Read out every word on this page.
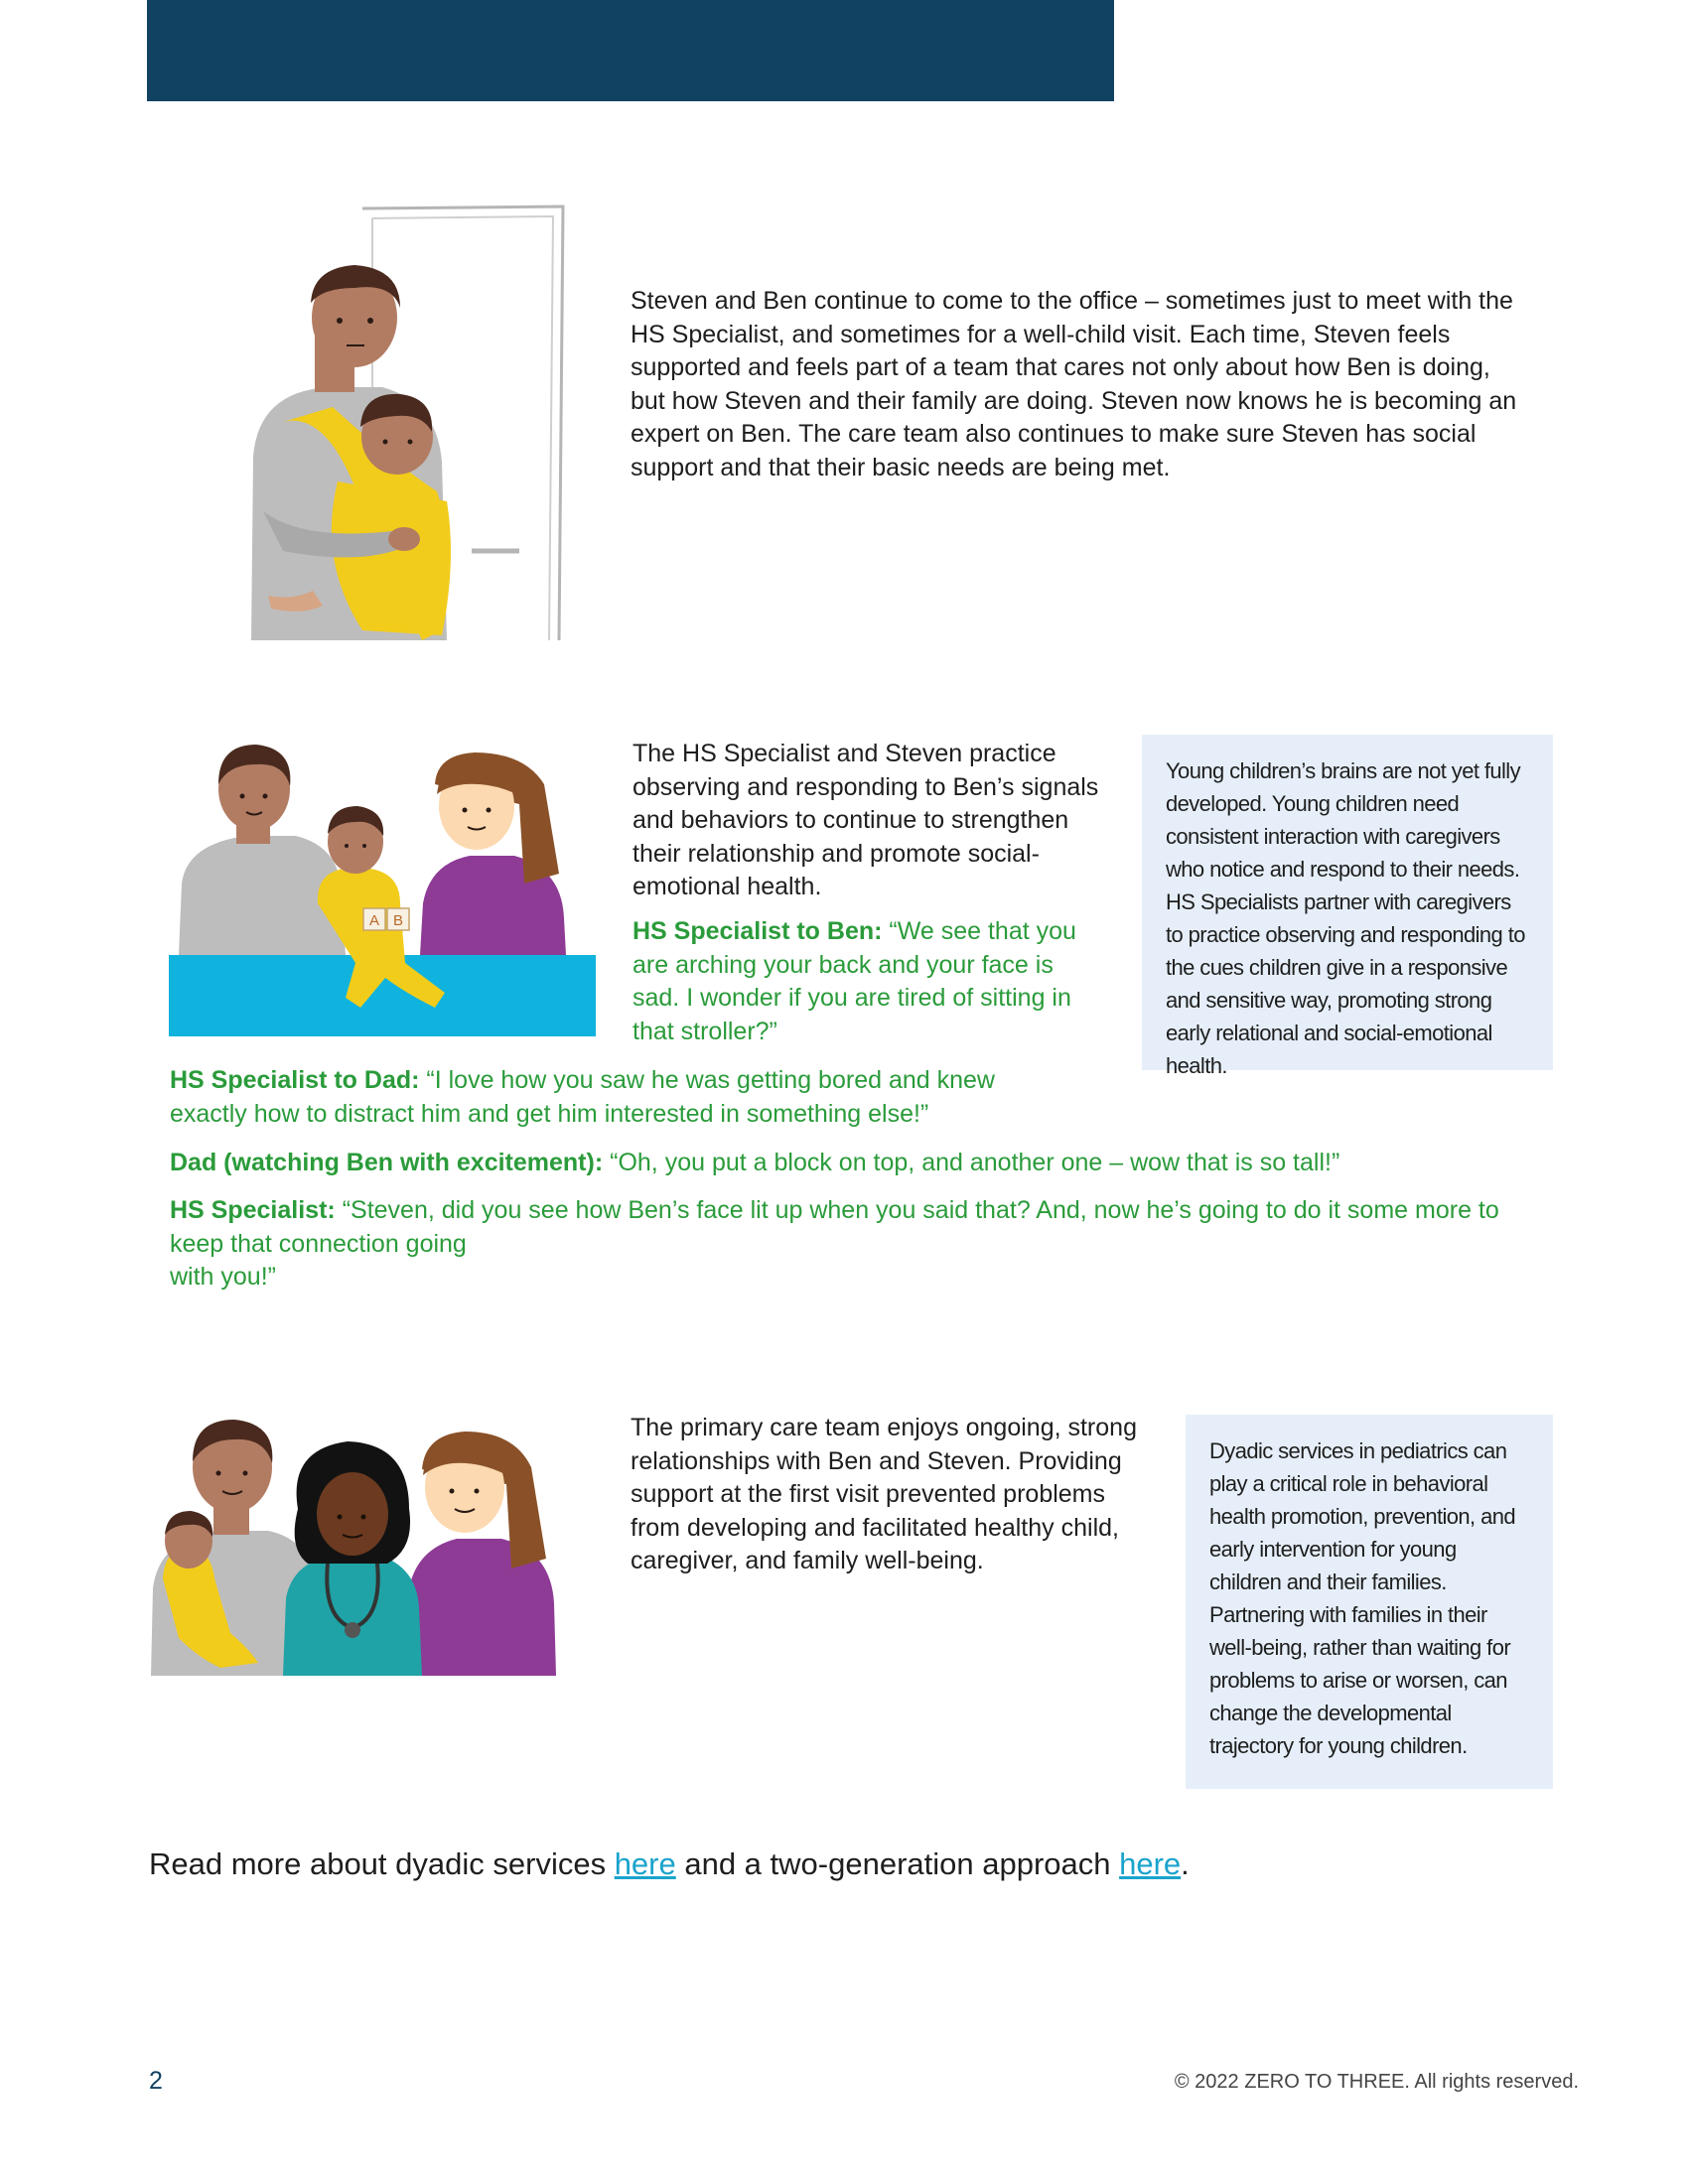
Steven and Ben continue to come to the office – sometimes just to meet with the HS Specialist, and sometimes for a well-child visit. Each time, Steven feels supported and feels part of a team that cares not only about how Ben is doing, but how Steven and their family are doing. Steven now knows he is becoming an expert on Ben. The care team also continues to make sure Steven has social support and that their basic needs are being met.

A B

The HS Specialist and Steven practice observing and responding to Ben’s signals and behaviors to continue to strengthen their relationship and promote social-emotional health.

HS Specialist to Ben: “We see that you are arching your back and your face is sad. I wonder if you are tired of sitting in that stroller?”
Young children’s brains are not yet fully developed. Young children need consistent interaction with caregivers who notice and respond to their needs. HS Specialists partner with caregivers to practice observing and responding to the cues children give in a responsive and sensitive way, promoting strong early relational and social-emotional health.
HS Specialist to Dad: “I love how you saw he was getting bored and knew exactly how to distract him and get him interested in something else!”
Dad (watching Ben with excitement): “Oh, you put a block on top, and another one – wow that is so tall!”
HS Specialist: “Steven, did you see how Ben’s face lit up when you said that? And, now he’s going to do it some more to keep that connection going
with you!”

The primary care team enjoys ongoing, strong relationships with Ben and Steven. Providing support at the first visit prevented problems from developing and facilitated healthy child, caregiver, and family well-being.

Dyadic services in pediatrics can play a critical role in behavioral health promotion, prevention, and early intervention for young children and their families. Partnering with families in their well-being, rather than waiting for problems to arise or worsen, can change the developmental trajectory for young children.
Read more about dyadic services here and a two-generation approach here.
2	© 2022 ZERO TO THREE. All rights reserved.
